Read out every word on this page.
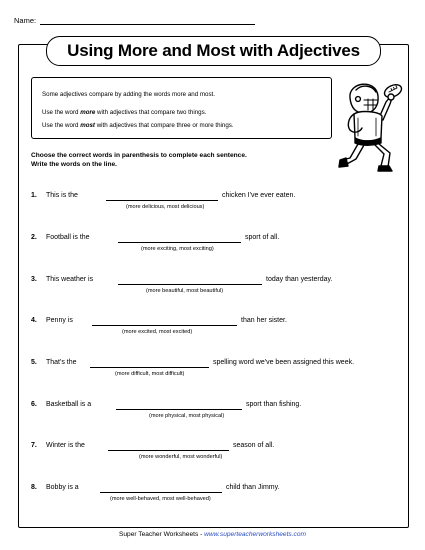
Name:
Using More and Most with Adjectives
Some adjectives compare by adding the words more and most.
Use the word more with adjectives that compare two things.
Use the word most with adjectives that compare three or more things.
Choose the correct words in parenthesis to complete each sentence.
Write the words on the line.
1. This is the	chicken I've ever eaten.
(more delicious, most delicious)
2. Football is the	sport of all.
(more exciting, most exciting)
3. This weather is	today than yesterday.
(more beautiful, most beautiful)
4. Penny is	than her sister.
(more excited, most excited)
5. That's the	spelling word we've been assigned this week.
(more difficult, most difficult)
6. Basketball is a	sport than fishing.
(more physical, most physical)
7. Winter is the	season of all.
(more wonderful, most wonderful)
8. Bobby is a	child than Jimmy.
(more well-behaved, most well-behaved)
Super Teacher Worksheets - www.superteacherworksheets.com
